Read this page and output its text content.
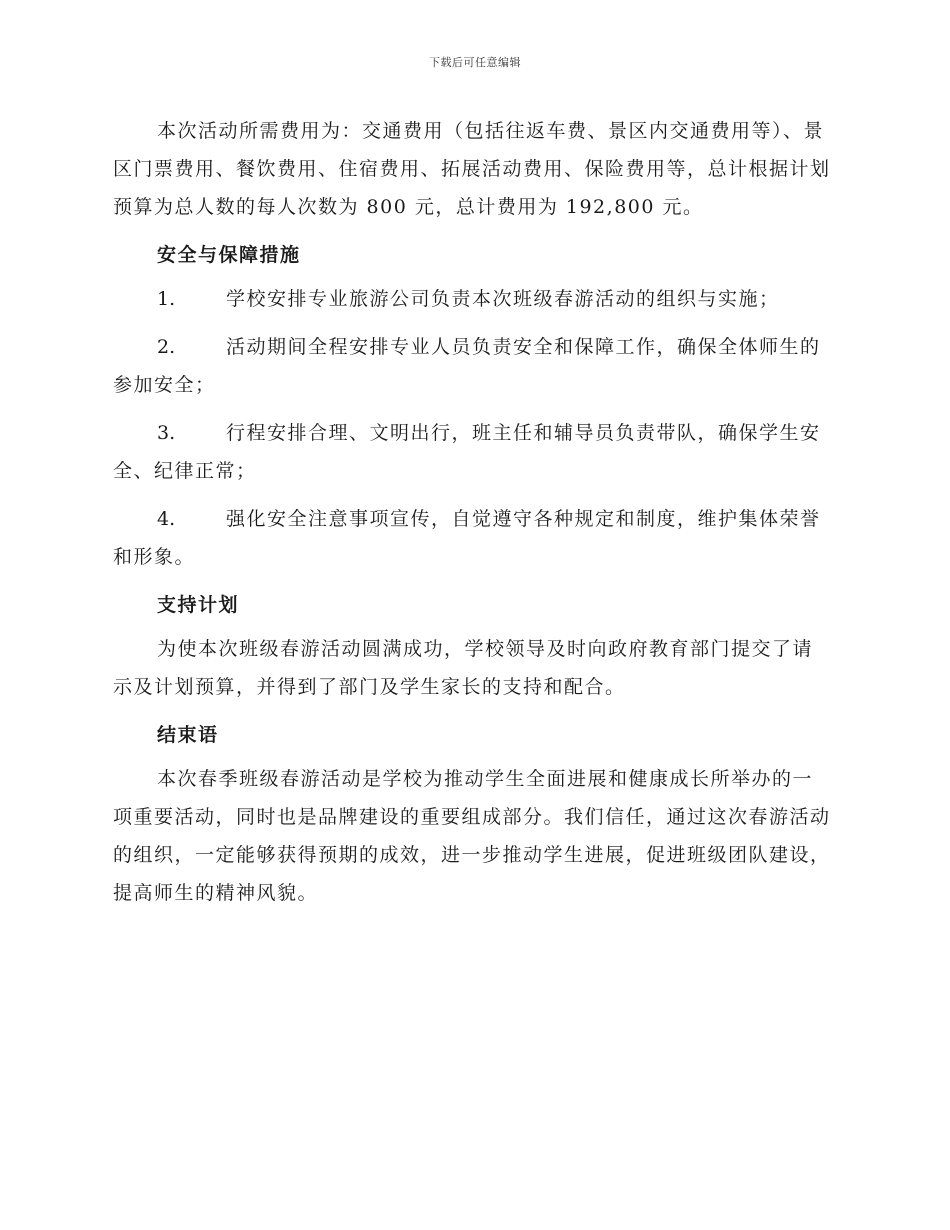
下载后可任意编辑

本次活动所需费用为：交通费用（包括往返车费、景区内交通费用等）、景区门票费用、餐饮费用、住宿费用、拓展活动费用、保险费用等，总计根据计划预算为总人数的每人次数为 800 元，总计费用为 192,800 元。

安全与保障措施

1.	学校安排专业旅游公司负责本次班级春游活动的组织与实施；

2.	活动期间全程安排专业人员负责安全和保障工作，确保全体师生的参加安全；

3.	行程安排合理、文明出行，班主任和辅导员负责带队，确保学生安全、纪律正常；

4.	强化安全注意事项宣传，自觉遵守各种规定和制度，维护集体荣誉和形象。

支持计划

为使本次班级春游活动圆满成功，学校领导及时向政府教育部门提交了请示及计划预算，并得到了部门及学生家长的支持和配合。

结束语

本次春季班级春游活动是学校为推动学生全面进展和健康成长所举办的一项重要活动，同时也是品牌建设的重要组成部分。我们信任，通过这次春游活动的组织，一定能够获得预期的成效，进一步推动学生进展，促进班级团队建设，提高师生的精神风貌。
